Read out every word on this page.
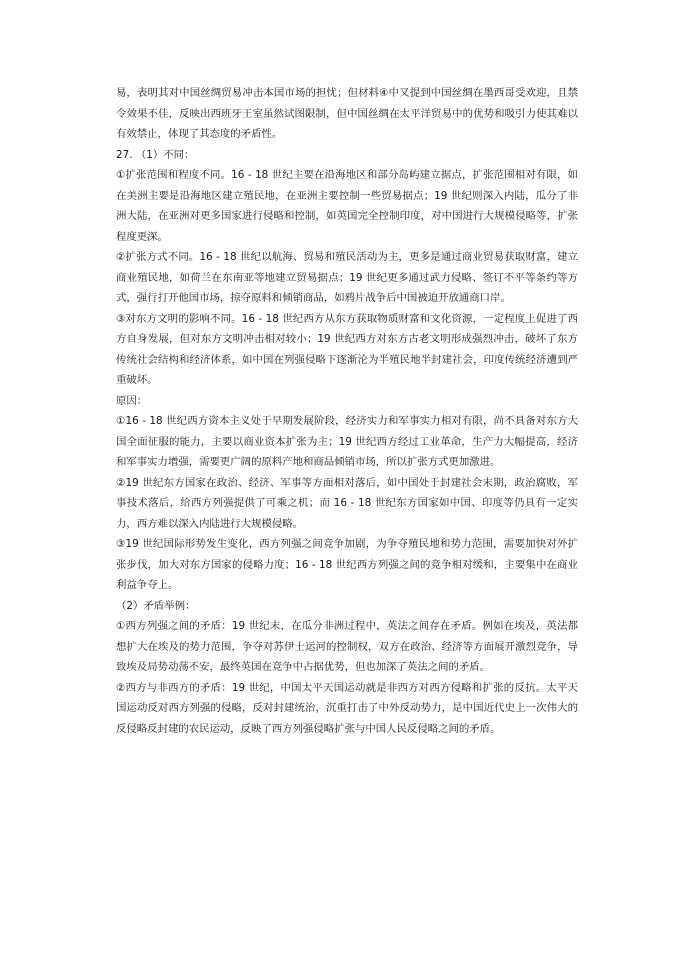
易，表明其对中国丝绸贸易冲击本国市场的担忧；但材料④中又提到中国丝绸在墨西哥受欢迎，且禁令效果不佳，反映出西班牙王室虽然试图限制，但中国丝绸在太平洋贸易中的优势和吸引力使其难以有效禁止，体现了其态度的矛盾性。

27. （1）不同：

①扩张范围和程度不同。16 - 18 世纪主要在沿海地区和部分岛屿建立据点，扩张范围相对有限，如在美洲主要是沿海地区建立殖民地，在亚洲主要控制一些贸易据点；19 世纪则深入内陆，瓜分了非洲大陆，在亚洲对更多国家进行侵略和控制，如英国完全控制印度，对中国进行大规模侵略等，扩张程度更深。

②扩张方式不同。16 - 18 世纪以航海、贸易和殖民活动为主，更多是通过商业贸易获取财富，建立商业殖民地，如荷兰在东南亚等地建立贸易据点；19 世纪更多通过武力侵略、签订不平等条约等方式，强行打开他国市场，掠夺原料和倾销商品，如鸦片战争后中国被迫开放通商口岸。

③对东方文明的影响不同。16 - 18 世纪西方从东方获取物质财富和文化资源，一定程度上促进了西方自身发展，但对东方文明冲击相对较小；19 世纪西方对东方古老文明形成强烈冲击，破坏了东方传统社会结构和经济体系，如中国在列强侵略下逐渐沦为半殖民地半封建社会，印度传统经济遭到严重破坏。

原因：

①16 - 18 世纪西方资本主义处于早期发展阶段，经济实力和军事实力相对有限，尚不具备对东方大国全面征服的能力，主要以商业资本扩张为主；19 世纪西方经过工业革命，生产力大幅提高，经济和军事实力增强，需要更广阔的原料产地和商品倾销市场，所以扩张方式更加激进。

②19 世纪东方国家在政治、经济、军事等方面相对落后，如中国处于封建社会末期，政治腐败，军事技术落后，给西方列强提供了可乘之机；而 16 - 18 世纪东方国家如中国、印度等仍具有一定实力，西方难以深入内陆进行大规模侵略。

③19 世纪国际形势发生变化，西方列强之间竞争加剧，为争夺殖民地和势力范围，需要加快对外扩张步伐，加大对东方国家的侵略力度；16 - 18 世纪西方列强之间的竞争相对缓和，主要集中在商业利益争夺上。

（2）矛盾举例：

①西方列强之间的矛盾：19 世纪末，在瓜分非洲过程中，英法之间存在矛盾。例如在埃及，英法都想扩大在埃及的势力范围，争夺对苏伊士运河的控制权，双方在政治、经济等方面展开激烈竞争，导致埃及局势动荡不安，最终英国在竞争中占据优势，但也加深了英法之间的矛盾。

②西方与非西方的矛盾：19 世纪，中国太平天国运动就是非西方对西方侵略和扩张的反抗。太平天国运动反对西方列强的侵略，反对封建统治，沉重打击了中外反动势力，是中国近代史上一次伟大的反侵略反封建的农民运动，反映了西方列强侵略扩张与中国人民反侵略之间的矛盾。
